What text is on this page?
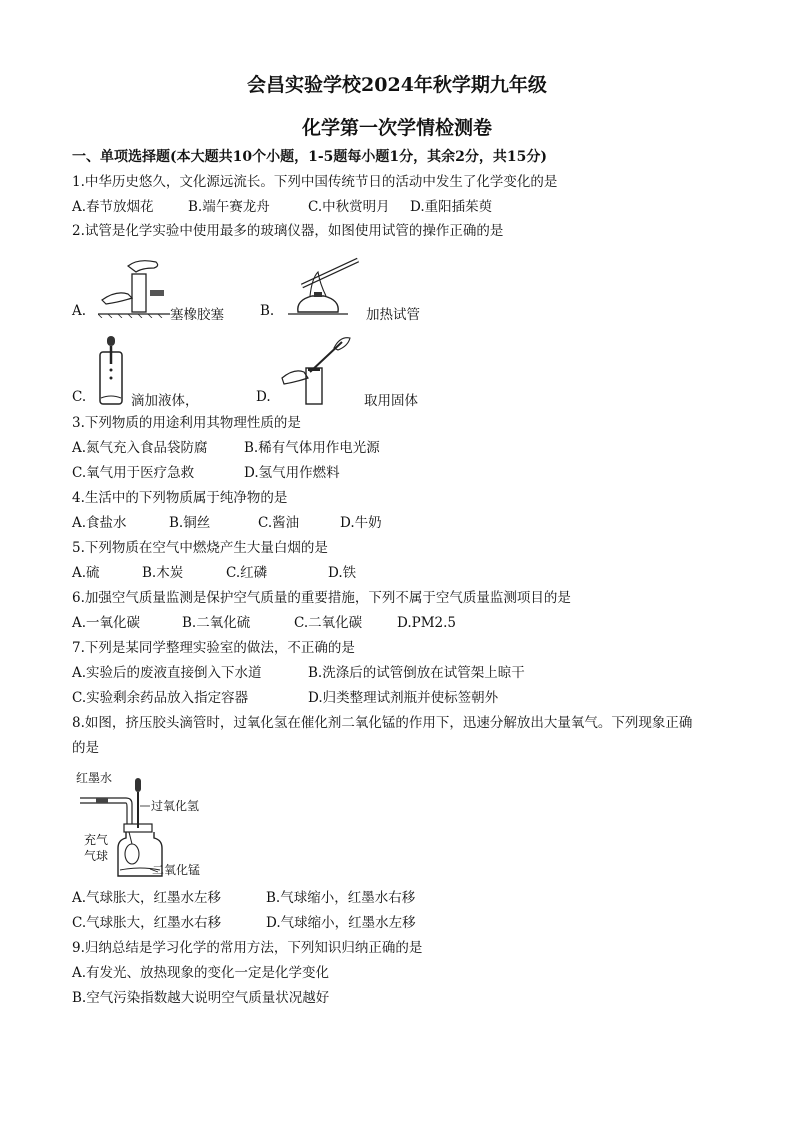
会昌实验学校2024年秋学期九年级
化学第一次学情检测卷
一、单项选择题(本大题共10个小题，1-5题每小题1分，其余2分，共15分)
1.中华历史悠久，文化源远流长。下列中国传统节日的活动中发生了化学变化的是
A.春节放烟花	B.端午赛龙舟	C.中秋赏明月 D.重阳插茱萸
2.试管是化学实验中使用最多的玻璃仪器，如图使用试管的操作正确的是
A.	塞橡胶塞	B.	加热试管
C.	滴加液体，	D.	取用固体
3.下列物质的用途利用其物理性质的是
A.氮气充入食品袋防腐	B.稀有气体用作电光源
C.氧气用于医疗急救	D.氢气用作燃料
4.生活中的下列物质属于纯净物的是
A.食盐水	B.铜丝	C.酱油	D.牛奶
5.下列物质在空气中燃烧产生大量白烟的是
A.硫	B.木炭	C.红磷	D.铁
6.加强空气质量监测是保护空气质量的重要措施，下列不属于空气质量监测项目的是
A.一氧化碳	B.二氧化硫	C.二氧化碳	D.PM2.5
7.下列是某同学整理实验室的做法，不正确的是
A.实验后的废液直接倒入下水道	B.洗涤后的试管倒放在试管架上晾干
C.实验剩余药品放入指定容器	D.归类整理试剂瓶并使标签朝外
8.如图，挤压胶头滴管时，过氧化氢在催化剂二氧化锰的作用下，迅速分解放出大量氧气。下列现象正确
的是
红墨水
过氧化氢
充气
气球
二氧化锰
A.气球胀大，红墨水左移	B.气球缩小，红墨水右移
C.气球胀大，红墨水右移	D.气球缩小，红墨水左移
9.归纳总结是学习化学的常用方法，下列知识归纳正确的是
A.有发光、放热现象的变化一定是化学变化
B.空气污染指数越大说明空气质量状况越好
